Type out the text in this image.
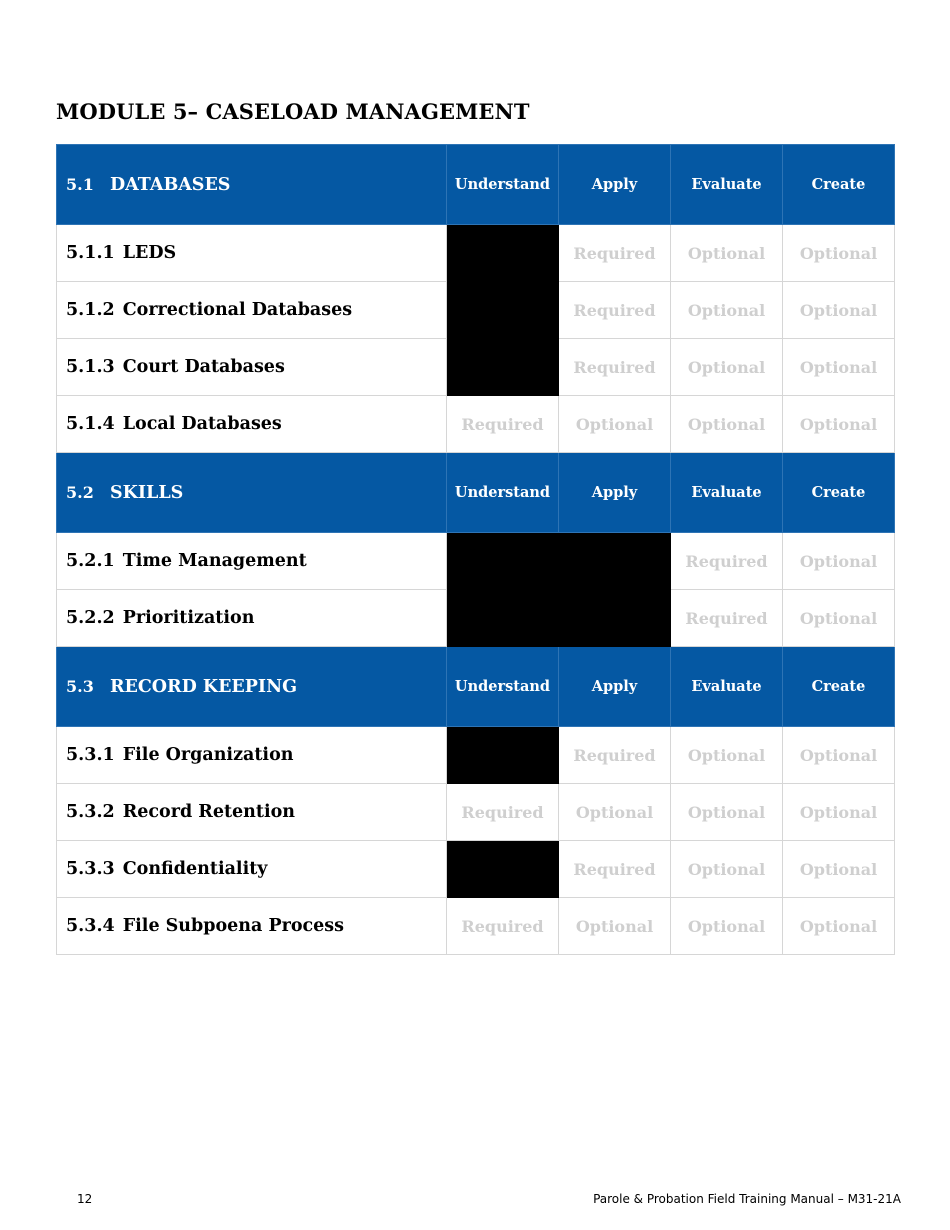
MODULE 5– CASELOAD MANAGEMENT
5.1 DATABASES	Understand	Apply	Evaluate	Create
5.1.1 LEDS		Required	Optional	Optional
5.1.2 Correctional Databases		Required	Optional	Optional
5.1.3 Court Databases		Required	Optional	Optional
5.1.4 Local Databases	Required	Optional	Optional	Optional
5.2 SKILLS	Understand	Apply	Evaluate	Create
5.2.1 Time Management			Required	Optional
5.2.2 Prioritization			Required	Optional
5.3 RECORD KEEPING	Understand	Apply	Evaluate	Create
5.3.1 File Organization		Required	Optional	Optional
5.3.2 Record Retention	Required	Optional	Optional	Optional
5.3.3 Confidentiality		Required	Optional	Optional
5.3.4 File Subpoena Process	Required	Optional	Optional	Optional
12	Parole & Probation Field Training Manual – M31-21A
